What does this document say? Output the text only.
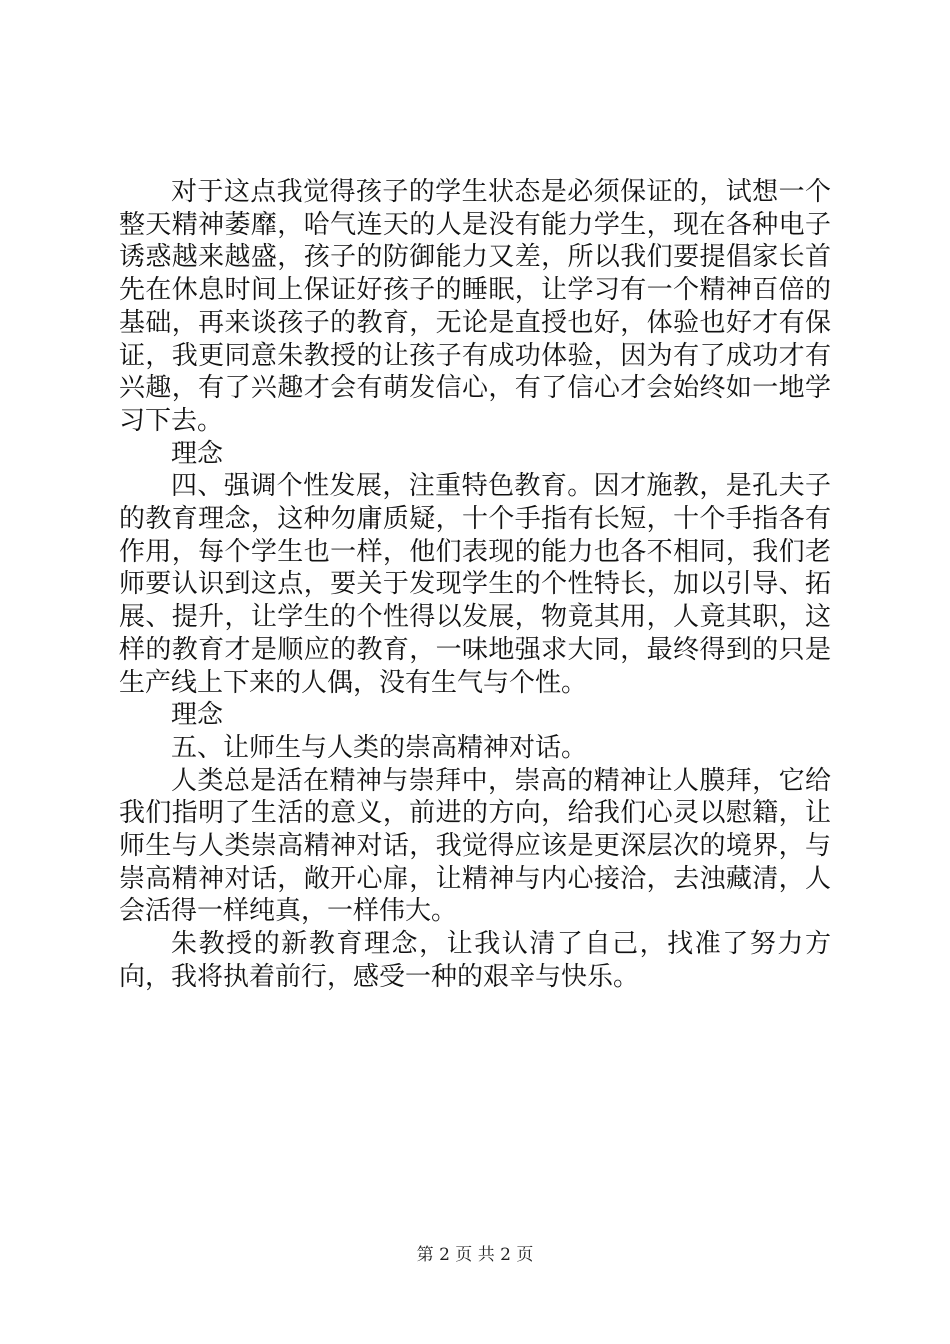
对于这点我觉得孩子的学生状态是必须保证的，试想一个整天精神萎靡，哈气连天的人是没有能力学生，现在各种电子诱惑越来越盛，孩子的防御能力又差，所以我们要提倡家长首先在休息时间上保证好孩子的睡眠，让学习有一个精神百倍的基础，再来谈孩子的教育，无论是直授也好，体验也好才有保证，我更同意朱教授的让孩子有成功体验，因为有了成功才有兴趣，有了兴趣才会有萌发信心，有了信心才会始终如一地学习下去。

理念

四、强调个性发展，注重特色教育。因才施教，是孔夫子的教育理念，这种勿庸质疑，十个手指有长短，十个手指各有作用，每个学生也一样，他们表现的能力也各不相同，我们老师要认识到这点，要关于发现学生的个性特长，加以引导、拓展、提升，让学生的个性得以发展，物竟其用，人竟其职，这样的教育才是顺应的教育，一味地强求大同，最终得到的只是生产线上下来的人偶，没有生气与个性。

理念

五、让师生与人类的崇高精神对话。

人类总是活在精神与崇拜中，崇高的精神让人膜拜，它给我们指明了生活的意义，前进的方向，给我们心灵以慰籍，让师生与人类崇高精神对话，我觉得应该是更深层次的境界，与崇高精神对话，敞开心扉，让精神与内心接洽，去浊藏清，人会活得一样纯真，一样伟大。

朱教授的新教育理念，让我认清了自己，找准了努力方向，我将执着前行，感受一种的艰辛与快乐。

第 2 页 共 2 页
